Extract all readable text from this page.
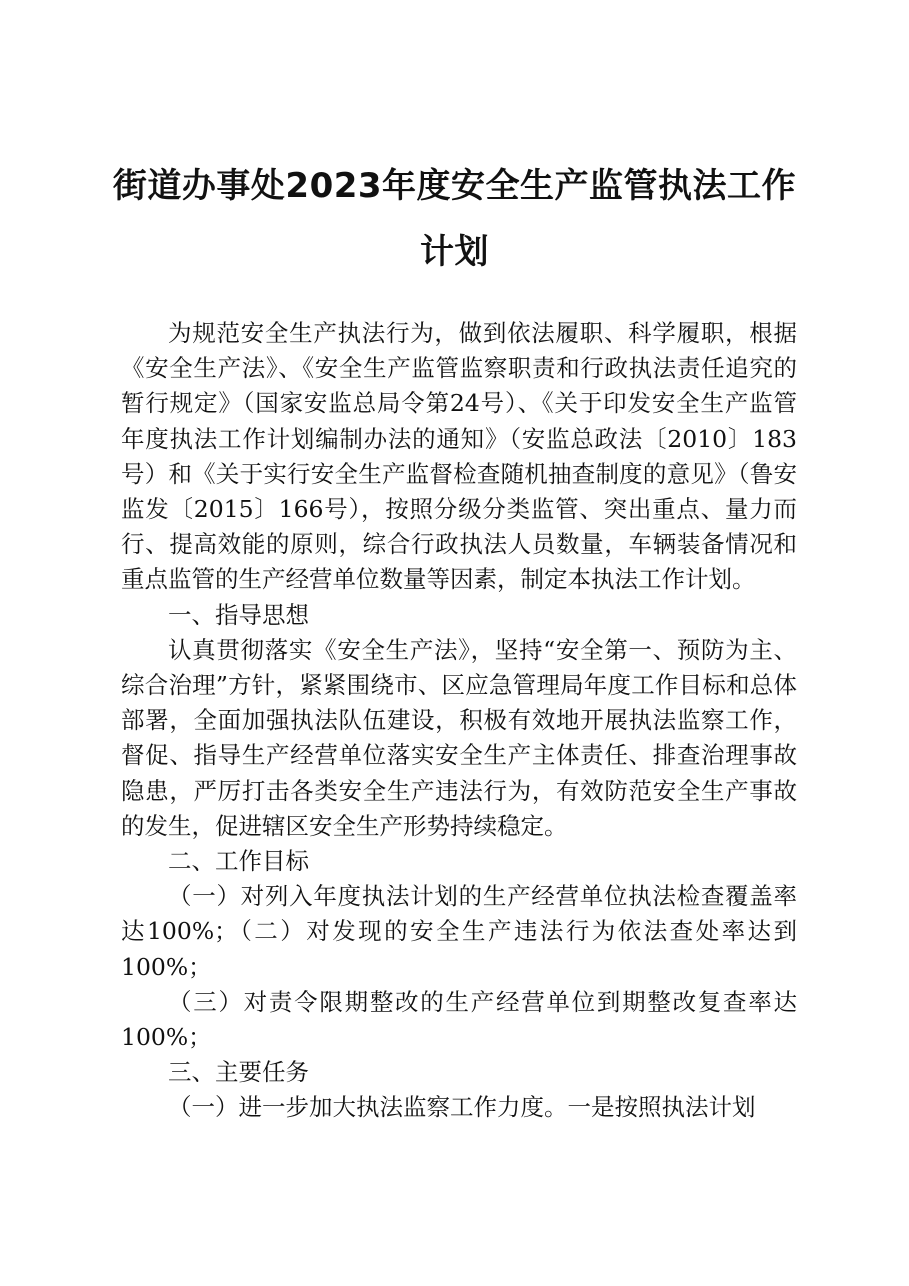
街道办事处2023年度安全生产监管执法工作
计划

为规范安全生产执法行为，做到依法履职、科学履职，根据《安全生产法》、《安全生产监管监察职责和行政执法责任追究的暂行规定》（国家安监总局令第24号）、《关于印发安全生产监管年度执法工作计划编制办法的通知》（安监总政法〔2010〕183号）和《关于实行安全生产监督检查随机抽查制度的意见》（鲁安监发〔2015〕166号），按照分级分类监管、突出重点、量力而行、提高效能的原则，综合行政执法人员数量，车辆装备情况和重点监管的生产经营单位数量等因素，制定本执法工作计划。

一、指导思想

认真贯彻落实《安全生产法》，坚持“安全第一、预防为主、综合治理”方针，紧紧围绕市、区应急管理局年度工作目标和总体部署，全面加强执法队伍建设，积极有效地开展执法监察工作，督促、指导生产经营单位落实安全生产主体责任、排查治理事故隐患，严厉打击各类安全生产违法行为，有效防范安全生产事故的发生，促进辖区安全生产形势持续稳定。

二、工作目标

（一）对列入年度执法计划的生产经营单位执法检查覆盖率达100%；（二）对发现的安全生产违法行为依法查处率达到100%；

（三）对责令限期整改的生产经营单位到期整改复查率达100%；

三、主要任务

（一）进一步加大执法监察工作力度。一是按照执法计划
